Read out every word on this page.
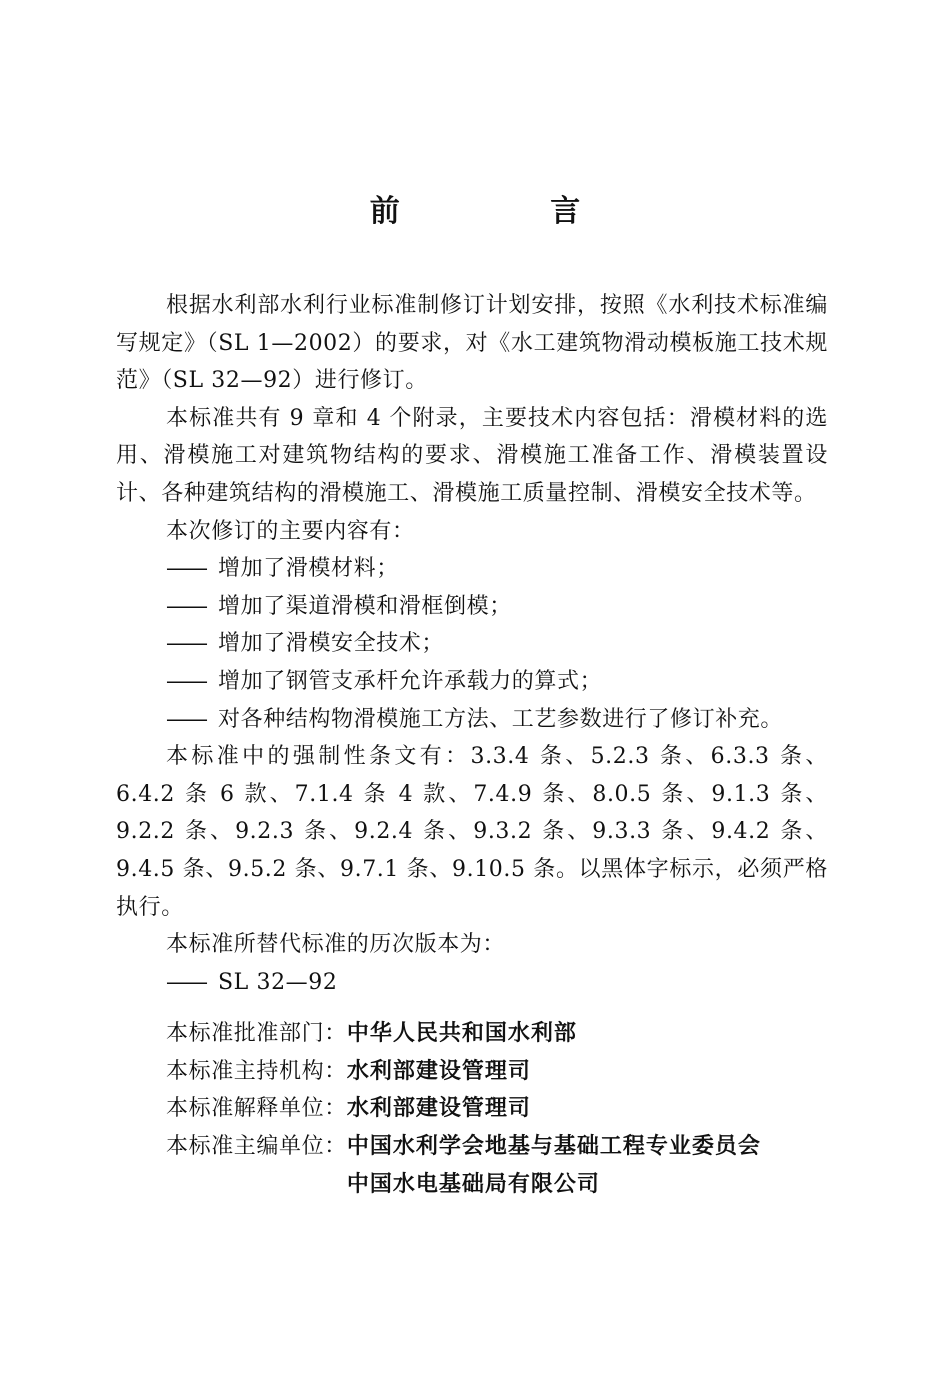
前 言

根据水利部水利行业标准制修订计划安排，按照《水利技术标准编写规定》（SL 1—2002）的要求，对《水工建筑物滑动模板施工技术规范》（SL 32—92）进行修订。

本标准共有 9 章和 4 个附录，主要技术内容包括：滑模材料的选用、滑模施工对建筑物结构的要求、滑模施工准备工作、滑模装置设计、各种建筑结构的滑模施工、滑模施工质量控制、滑模安全技术等。

本次修订的主要内容有：

—— 增加了滑模材料；

—— 增加了渠道滑模和滑框倒模；

—— 增加了滑模安全技术；

—— 增加了钢管支承杆允许承载力的算式；

—— 对各种结构物滑模施工方法、工艺参数进行了修订补充。

本标准中的强制性条文有：3.3.4 条、5.2.3 条、6.3.3 条、6.4.2 条 6 款、7.1.4 条 4 款、7.4.9 条、8.0.5 条、9.1.3 条、9.2.2 条、9.2.3 条、9.2.4 条、9.3.2 条、9.3.3 条、9.4.2 条、9.4.5 条、9.5.2 条、9.7.1 条、9.10.5 条。以黑体字标示，必须严格执行。

本标准所替代标准的历次版本为：

—— SL 32—92

本标准批准部门： 中华人民共和国水利部
本标准主持机构： 水利部建设管理司
本标准解释单位： 水利部建设管理司
本标准主编单位： 中国水利学会地基与基础工程专业委员会
中国水电基础局有限公司
